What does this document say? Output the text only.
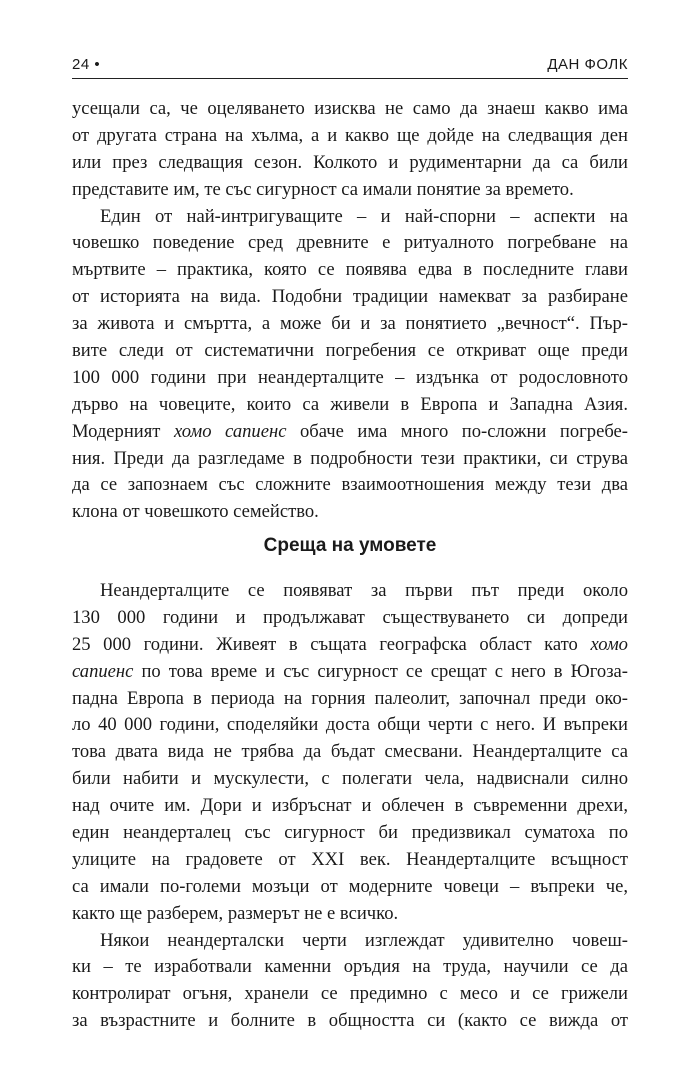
24 •	ДАН ФОЛК
усещали са, че оцеляването изисква не само да знаеш какво има
от другата страна на хълма, а и какво ще дойде на следващия ден
или през следващия сезон. Колкото и рудиментарни да са били
представите им, те със сигурност са имали понятие за времето.
Един от най-интригуващите – и най-спорни – аспекти на
човешко поведение сред древните е ритуалното погребване на
мъртвите – практика, която се появява едва в последните глави
от историята на вида. Подобни традиции намекват за разбиране
за живота и смъртта, а може би и за понятието „вечност“. Пър-
вите следи от систематични погребения се откриват още преди
100 000 години при неандерталците – издънка от родословното
дърво на човеците, които са живели в Европа и Западна Азия.
Модерният хомо сапиенс обаче има много по-сложни погребе-
ния. Преди да разгледаме в подробности тези практики, си струва
да се запознаем със сложните взаимоотношения между тези два
клона от човешкото семейство.
Среща на умовете
Неандерталците се появяват за първи път преди около
130 000 години и продължават съществуването си допреди
25 000 години. Живеят в същата географска област като хомо
сапиенс по това време и със сигурност се срещат с него в Югоза-
падна Европа в периода на горния палеолит, започнал преди око-
ло 40 000 години, споделяйки доста общи черти с него. И въпреки
това двата вида не трябва да бъдат смесвани. Неандерталците са
били набити и мускулести, с полегати чела, надвиснали силно
над очите им. Дори и избръснат и облечен в съвременни дрехи,
един неандерталец със сигурност би предизвикал суматоха по
улиците на градовете от XXI век. Неандерталците всъщност
са имали по-големи мозъци от модерните човеци – въпреки че,
както ще разберем, размерът не е всичко.
Някои неандерталски черти изглеждат удивително човеш-
ки – те изработвали каменни оръдия на труда, научили се да
контролират огъня, хранели се предимно с месо и се грижели
за възрастните и болните в общността си (както се вижда от
